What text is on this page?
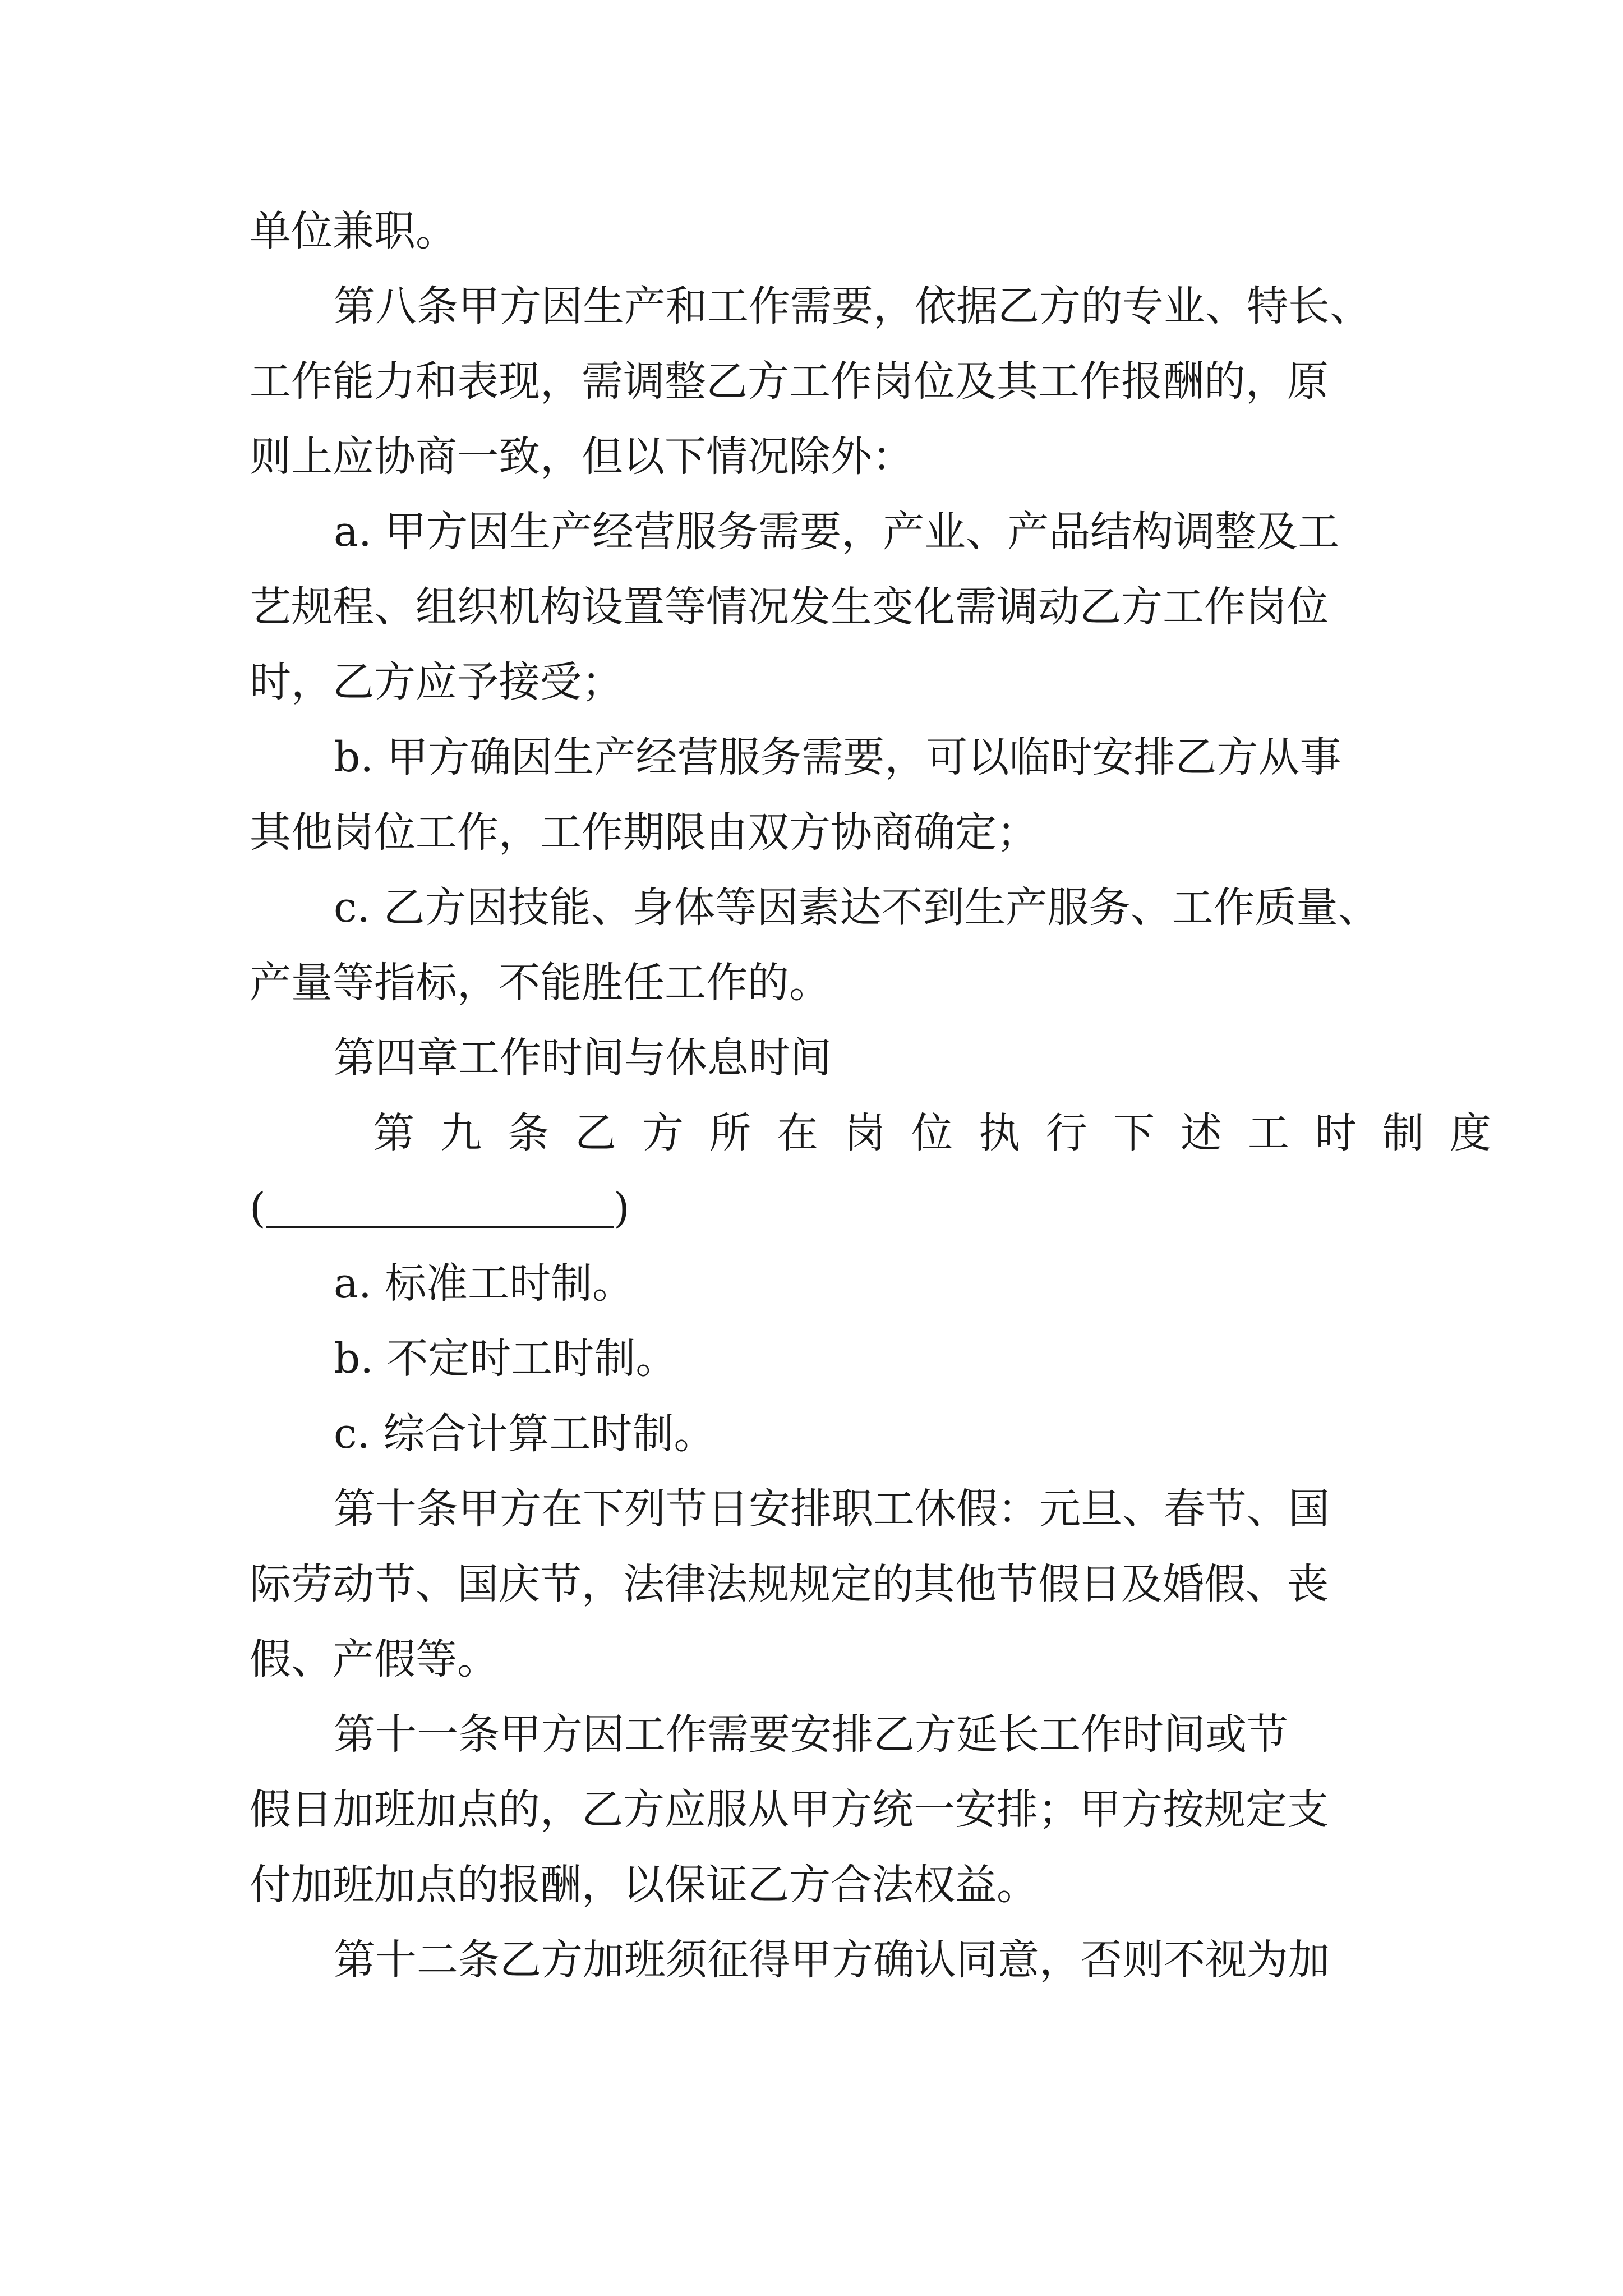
单位兼职。
第八条甲方因生产和工作需要，依据乙方的专业、特长、
工作能力和表现，需调整乙方工作岗位及其工作报酬的，原
则上应协商一致，但以下情况除外：
a. 甲方因生产经营服务需要，产业、产品结构调整及工
艺规程、组织机构设置等情况发生变化需调动乙方工作岗位
时，乙方应予接受；
b. 甲方确因生产经营服务需要，可以临时安排乙方从事
其他岗位工作，工作期限由双方协商确定；
c. 乙方因技能、身体等因素达不到生产服务、工作质量、
产量等指标，不能胜任工作的。
第四章工作时间与休息时间
第九条乙方所在岗位执行下述工时制度
(	)
a. 标准工时制。
b. 不定时工时制。
c. 综合计算工时制。
第十条甲方在下列节日安排职工休假：元旦、春节、国
际劳动节、国庆节，法律法规规定的其他节假日及婚假、丧
假、产假等。
第十一条甲方因工作需要安排乙方延长工作时间或节
假日加班加点的，乙方应服从甲方统一安排；甲方按规定支
付加班加点的报酬，以保证乙方合法权益。
第十二条乙方加班须征得甲方确认同意，否则不视为加
